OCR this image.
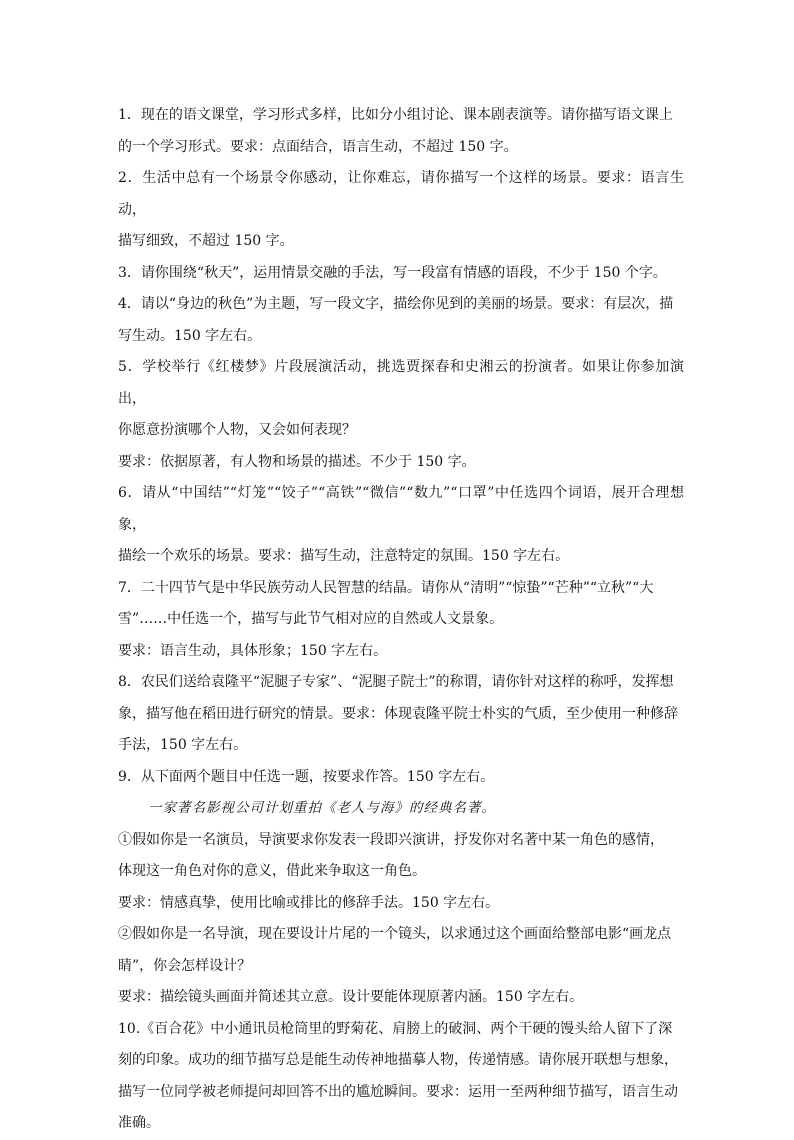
1．现在的语文课堂，学习形式多样，比如分小组讨论、课本剧表演等。请你描写语文课上

的一个学习形式。要求：点面结合，语言生动，不超过 150 字。

2．生活中总有一个场景令你感动，让你难忘，请你描写一个这样的场景。要求：语言生动，

描写细致，不超过 150 字。

3．请你围绕“秋天”，运用情景交融的手法，写一段富有情感的语段，不少于 150 个字。

4．请以“身边的秋色”为主题，写一段文字，描绘你见到的美丽的场景。要求：有层次，描

写生动。150 字左右。

5．学校举行《红楼梦》片段展演活动，挑选贾探春和史湘云的扮演者。如果让你参加演出，

你愿意扮演哪个人物，又会如何表现？

要求：依据原著，有人物和场景的描述。不少于 150 字。

6．请从“中国结”“灯笼”“饺子”“高铁”“微信”“数九”“口罩”中任选四个词语，展开合理想象，

描绘一个欢乐的场景。要求：描写生动，注意特定的氛围。150 字左右。

7．二十四节气是中华民族劳动人民智慧的结晶。请你从“清明”“惊蛰”“芒种”“立秋”“大

雪”……中任选一个，描写与此节气相对应的自然或人文景象。

要求：语言生动，具体形象；150 字左右。

8．农民们送给袁隆平“泥腿子专家”、“泥腿子院士”的称谓，请你针对这样的称呼，发挥想

象，描写他在稻田进行研究的情景。要求：体现袁隆平院士朴实的气质，至少使用一种修辞

手法，150 字左右。

9．从下面两个题目中任选一题，按要求作答。150 字左右。

一家著名影视公司计划重拍《老人与海》的经典名著。

①假如你是一名演员，导演要求你发表一段即兴演讲，抒发你对名著中某一角色的感情，

体现这一角色对你的意义，借此来争取这一角色。

要求：情感真挚，使用比喻或排比的修辞手法。150 字左右。

②假如你是一名导演，现在要设计片尾的一个镜头，以求通过这个画面给整部电影“画龙点

睛”，你会怎样设计？

要求：描绘镜头画面并简述其立意。设计要能体现原著内涵。150 字左右。

10.《百合花》中小通讯员枪筒里的野菊花、肩膀上的破洞、两个干硬的馒头给人留下了深

刻的印象。成功的细节描写总是能生动传神地描摹人物，传递情感。请你展开联想与想象，

描写一位同学被老师提问却回答不出的尴尬瞬间。要求：运用一至两种细节描写，语言生动

准确。
